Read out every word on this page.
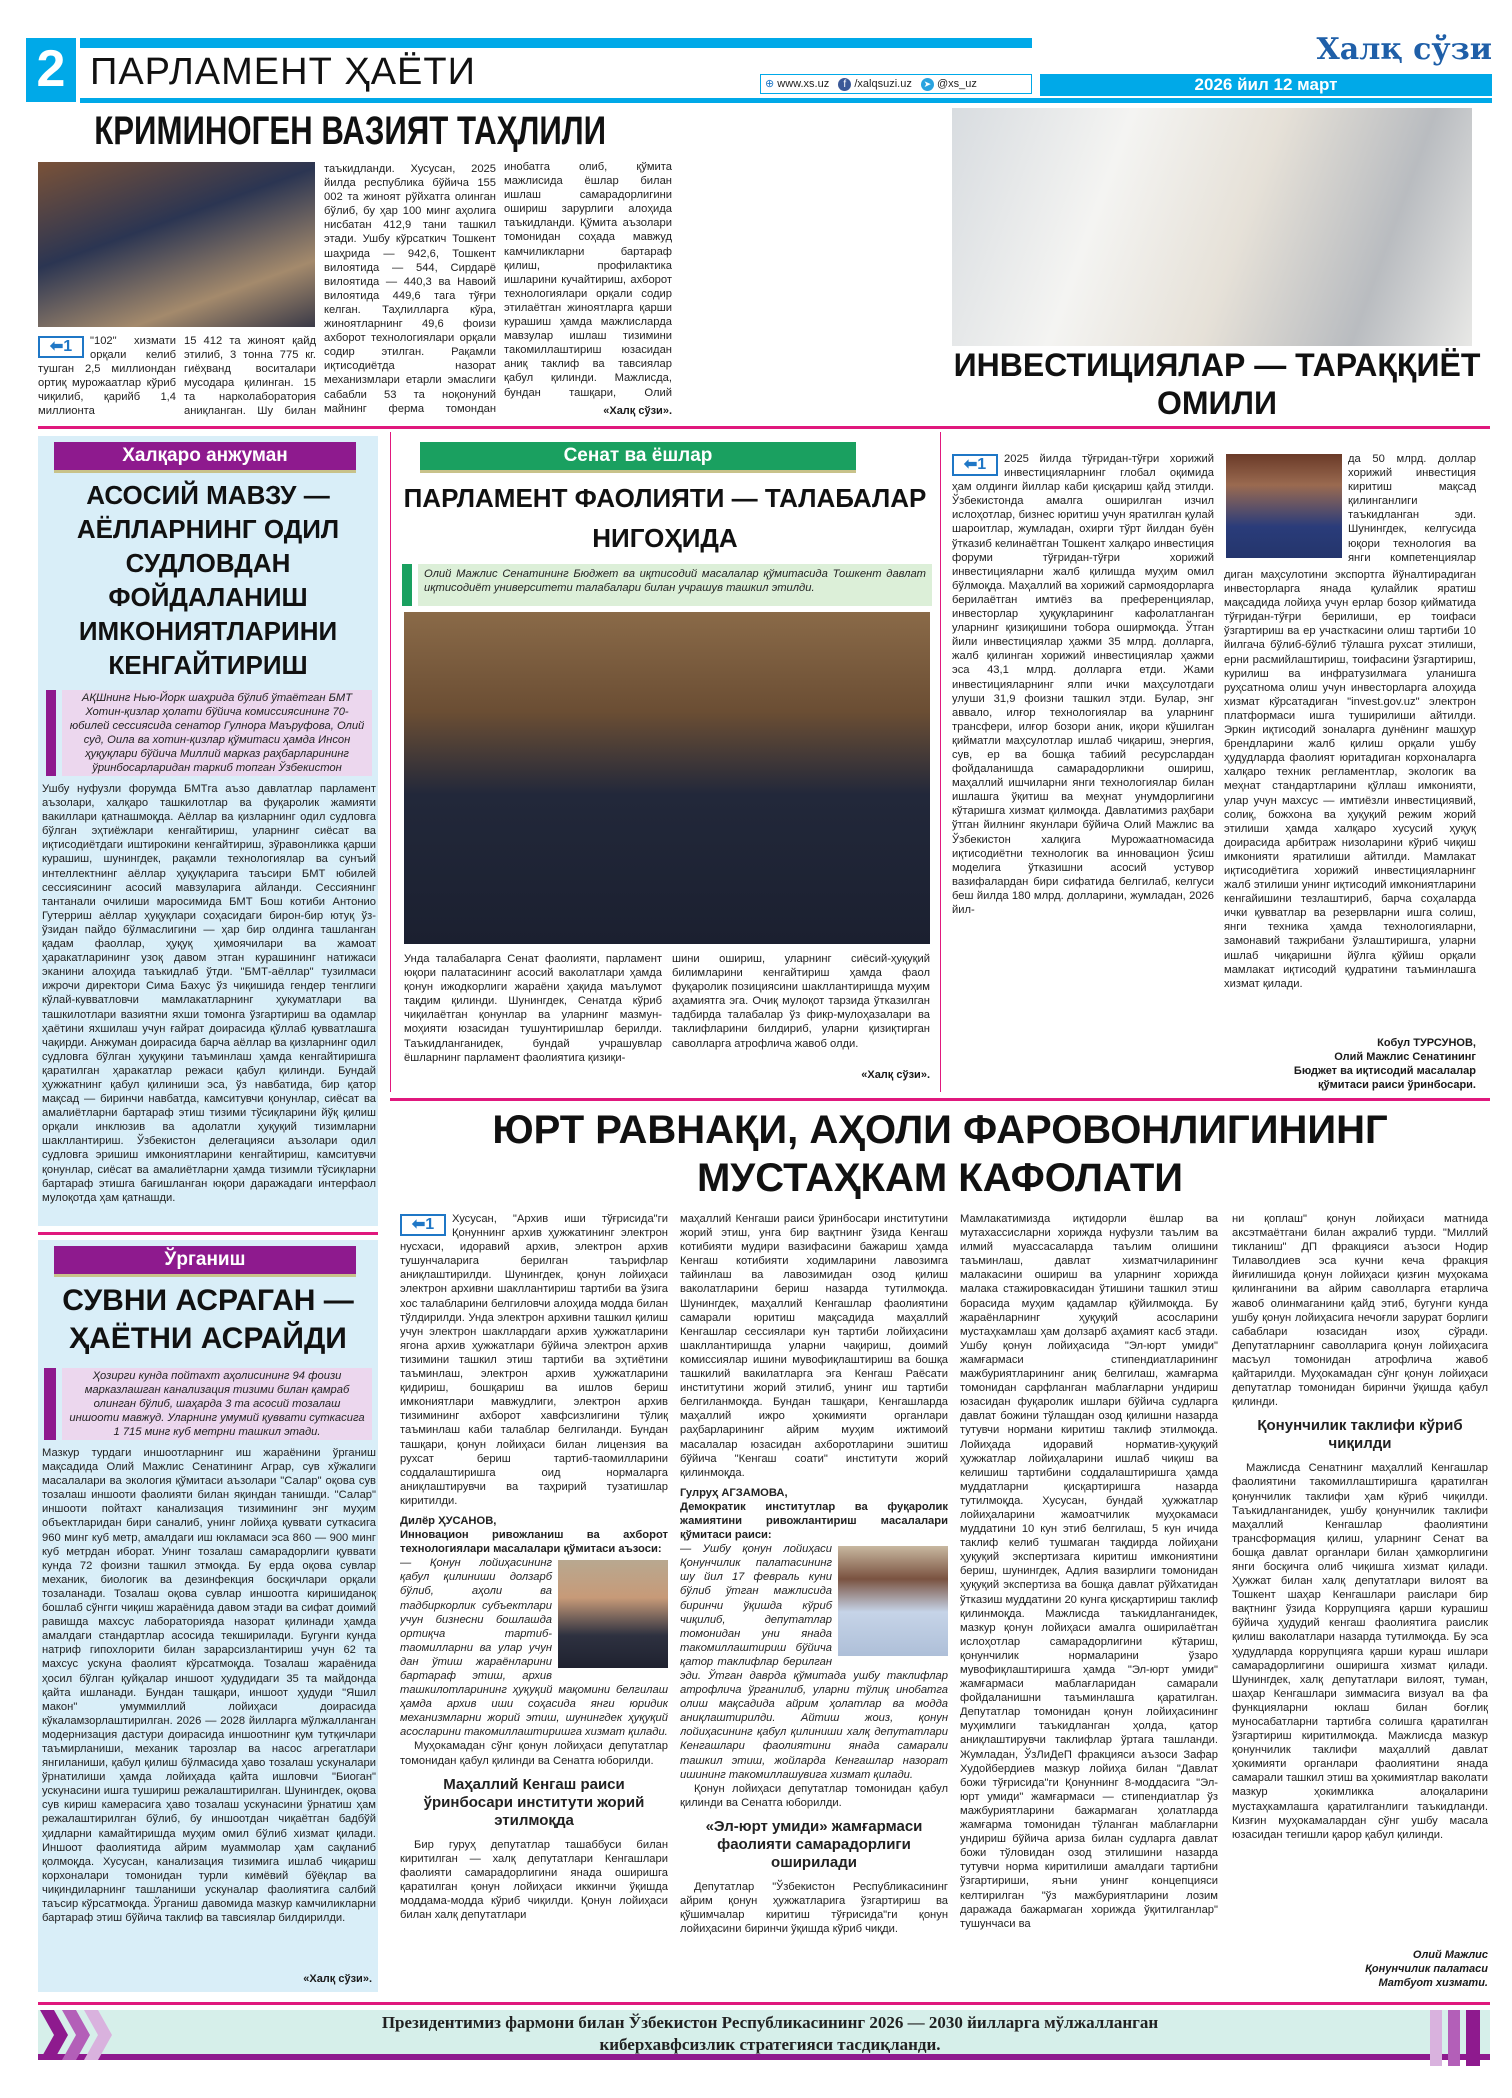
2 ПАРЛАМЕНТ ҲАЁТИ	⊕ www.xs.uz f /xalqsuzi.uz ➤ @xs_uz
Халқ сўзи
2026 йил 12 март
КРИМИНОГЕН ВАЗИЯТ ТАҲЛИЛИ
⬅1	"102" хизмати орқали келиб тушган 2,5 миллиондан ортиқ мурожаатлар кўриб чиқилиб, қарийб 1,4 миллионта
15 412 та жиноят қайд этилиб, 3 тонна 775 кг. гиёҳванд воситалари мусодара қилинган. 15 та нарколаборатория аниқланган. Шу билан
таъкидланди. Хусусан, 2025 йилда республика бўйича 155 002 та жиноят рўйхатга олинган бўлиб, бу ҳар 100 минг аҳолига нисбатан 412,9 тани ташкил этади. Ушбу кўрсаткич Тошкент шаҳрида — 942,6, Тошкент вилоятида — 544, Сирдарё вилоятида — 440,3 ва Навоий вилоятида 449,6 тага тўғри келган. Таҳлилларга кўра, жиноятларнинг 49,6 фоизи ахборот технологиялари орқали содир этилган. Рақамли иқтисодиётда назорат механизмлари етарли эмаслиги сабабли 53 та ноқонуний майнинг ферма томондан
инобатга олиб, қўмита мажлисида ёшлар билан ишлаш самарадорлигини ошириш зарурлиги алоҳида таъкидланди. Қўмита аъзолари томонидан соҳада мавжуд камчиликларни бартараф қилиш, профилактика ишларини кучайтириш, ахборот технологиялари орқали содир этилаётган жиноятларга қарши курашиш ҳамда мажлисларда мавзулар ишлаш тизимини такомиллаштириш юзасидан аниқ таклиф ва тавсиялар қабул қилинди. Мажлисда, бундан ташқари, Олий
«Халқ сўзи».
ИНВЕСТИЦИЯЛАР — ТАРАҚҚИЁТ ОМИЛИ
Халқаро анжуман
АСОСИЙ МАВЗУ — АЁЛЛАРНИНГ ОДИЛ СУДЛОВДАН ФОЙДАЛАНИШ ИМКОНИЯТЛАРИНИ КЕНГАЙТИРИШ
АҚШнинг Нью-Йорк шаҳрида бўлиб ўтаётган БМТ Хотин-қизлар ҳолати бўйича комиссиясининг 70-юбилей сессиясида сенатор Гулнора Маъруфова, Олий суд, Оила ва хотин-қизлар қўмитаси ҳамда Инсон ҳуқуқлари бўйича Миллий марказ раҳбарларининг ўринбосарларидан таркиб топган Ўзбекистон
Ушбу нуфузли форумда БМТга аъзо давлатлар парламент аъзолари, халқаро ташкилотлар ва фуқаролик жамияти вакиллари қатнашмоқда. Аёллар ва қизларнинг одил судловга бўлган эҳтиёжлари кенгайтириш, уларнинг сиёсат ва иқтисодиётдаги иштирокини кенгайтириш, зўравонликка қарши курашиш, шунингдек, рақамли технологиялар ва сунъий интеллектнинг аёллар ҳуқуқларига таъсири БМТ юбилей сессиясининг асосий мавзуларига айланди. Сессиянинг тантанали очилиши маросимида БМТ Бош котиби Антонио Гутерриш аёллар ҳуқуқлари соҳасидаги бирон-бир ютуқ ўз-ўзидан пайдо бўлмаслигини — ҳар бир олдинга ташланган қадам фаоллар, ҳуқуқ ҳимоячилари ва жамоат ҳаракатларининг узоқ давом этган курашининг натижаси эканини алоҳида таъкидлаб ўтди. "БМТ-аёллар" тузилмаси ижрочи директори Сима Бахус ўз чиқишида гендер тенглиги кўлай-кувватловчи мамлакатларнинг ҳукуматлари ва ташкилотлари вазиятни яхши томонга ўзгартириш ва одамлар ҳаётини яхшилаш учун ғайрат доирасида қўллаб қувватлашга чақирди. Анжуман доирасида барча аёллар ва қизларнинг одил судловга бўлган ҳуқуқини таъминлаш ҳамда кенгайтиришга қаратилган ҳаракатлар режаси қабул қилинди. Бундай ҳужжатнинг қабул қилиниши эса, ўз навбатида, бир қатор мақсад — биринчи навбатда, камситувчи қонунлар, сиёсат ва амалиётларни бартараф этиш тизими тўсиқларини йўқ қилиш орқали инклюзив ва адолатли ҳуқуқий тизимларни шакллантириш. Ўзбекистон делегацияси аъзолари одил судловга эришиш имкониятларини кенгайтириш, камситувчи қонунлар, сиёсат ва амалиётларни ҳамда тизимли тўсиқларни бартараф этишга бағишланган юқори даражадаги интерфаол мулоқотда ҳам қатнашди.
Ўрганиш
СУВНИ АСРАГАН — ҲАЁТНИ АСРАЙДИ
Ҳозирги кунда пойтахт аҳолисининг 94 фоизи марказлашган канализация тизими билан қамраб олинган бўлиб, шаҳарда 3 та асосий тозалаш иншооти мавжуд. Уларнинг умумий қуввати суткасига 1 715 минг куб метрни ташкил этади.
Мазкур турдаги иншоотларнинг иш жараёнини ўрганиш мақсадида Олий Мажлис Сенатининг Аграр, сув хўжалиги масалалари ва экология қўмитаси аъзолари "Салар" оқова сув тозалаш иншооти фаолияти билан яқиндан танишди. "Салар" иншооти пойтахт канализация тизимининг энг муҳим объектларидан бири саналиб, унинг лойиҳа қуввати суткасига 960 минг куб метр, амалдаги иш юкламаси эса 860 — 900 минг куб метрдан иборат. Унинг тозалаш самарадорлиги қуввати кунда 72 фоизни ташкил этмоқда. Бу ерда оқова сувлар механик, биологик ва дезинфекция босқичлари орқали тозаланади. Тозалаш оқова сувлар иншоотга киришиданоқ бошлаб сўнгги чиқиш жараёнида давом этади ва сифат доимий равишда махсус лабораторияда назорат қилинади ҳамда амалдаги стандартлар асосида текширилади. Бугунги кунда натриф гипохлорити билан зарарсизлантириш учун 62 та махсус ускуна фаолият кўрсатмоқда. Тозалаш жараёнида ҳосил бўлган қуйқалар иншоот ҳудудидаги 35 та майдонда қайта ишланади. Бундан ташқари, иншоот ҳудуди "Яшил макон" умуммиллий лойиҳаси доирасида кўкаламзорлаштирилган. 2026 — 2028 йилларга мўлжалланган модернизация дастури доирасида иншоотнинг қум тутқичлари таъмирланиши, механик тарозлар ва насос агрегатлари янгиланиши, қабул қилиш бўлмасида ҳаво тозалаш ускуналари ўрнатилиши ҳамда лойиҳада қайта ишловчи "Биоган" ускунасини ишга тушириш режалаштирилган. Шунингдек, оқова сув кириш камерасига ҳаво тозалаш ускунасини ўрнатиш ҳам режалаштирилган бўлиб, бу иншоотдан чиқаётган бадбўй ҳидларни камайтиришда муҳим омил бўлиб хизмат қилади. Иншоот фаолиятида айрим муаммолар ҳам сақланиб қолмоқда. Хусусан, канализация тизимига ишлаб чиқариш корхоналари томонидан турли кимёвий бўёқлар ва чиқиндиларнинг ташланиши ускуналар фаолиятига салбий таъсир кўрсатмоқда. Ўрганиш давомида мазкур камчиликларни бартараф этиш бўйича таклиф ва тавсиялар билдирилди.
«Халқ сўзи».
Сенат ва ёшлар
ПАРЛАМЕНТ ФАОЛИЯТИ — ТАЛАБАЛАР НИГОҲИДА
Олий Мажлис Сенатининг Бюджет ва иқтисодий масалалар қўмитасида Тошкент давлат иқтисодиёт университети талабалари билан учрашув ташкил этилди.
Унда талабаларга Сенат фаолияти, парламент юқори палатасининг асосий ваколатлари ҳамда қонун ижодкорлиги жараёни ҳақида маълумот тақдим қилинди. Шунингдек, Сенатда кўриб чиқилаётган қонунлар ва уларнинг мазмун-моҳияти юзасидан тушунтиришлар берилди. Таъкидланганидек, бундай учрашувлар ёшларнинг парламент фаолиятига қизиқи-
шини ошириш, уларнинг сиёсий-ҳуқуқий билимларини кенгайтириш ҳамда фаол фуқаролик позициясини шакллантиришда муҳим аҳамиятга эга. Очиқ мулоқот тарзида ўтказилган тадбирда талабалар ўз фикр-мулоҳазалари ва таклифларини билдириб, уларни қизиқтирган саволларга атрофлича жавоб олди.
«Халқ сўзи».
⬅1	2025 йилда тўғридан-тўғри хорижий инвестицияларнинг глобал оқимида ҳам олдинги йиллар каби қисқариш қайд этилди. Ўзбекистонда амалга оширилган изчил ислоҳотлар, бизнес юритиш учун яратилган қулай шароитлар, жумладан, охирги тўрт йилдан буён ўтказиб келинаётган Тошкент халқаро инвестиция форуми тўғридан-тўғри хорижий инвестицияларни жалб қилишда муҳим омил бўлмоқда. Маҳаллий ва хорижий сармоядорларга берилаётган имтиёз ва преференциялар, инвесторлар ҳуқуқларининг кафолатланган уларнинг қизиқишини тобора оширмоқда. Ўтган йили инвестициялар ҳажми 35 млрд. долларга, жалб қилинган хорижий инвестициялар ҳажми эса 43,1 млрд. долларга етди. Жами инвестицияларнинг ялпи ички маҳсулотдаги улуши 31,9 фоизни ташкил этди. Булар, энг аввало, илғор технологиялар ва уларнинг трансфери, илғор бозори аник, иқори кўшилган қийматли маҳсулотлар ишлаб чиқариш, энергия, сув, ер ва бошқа табиий ресурслардан фойдаланишда самарадорликни ошириш, маҳаллий ишчиларни янги технологиялар билан ишлашга ўқитиш ва меҳнат унумдорлигини кўтаришга хизмат қилмоқда. Давлатимиз раҳбари ўтган йилнинг якунлари бўйича Олий Мажлис ва Ўзбекистон халқига Мурожаатномасида иқтисодиётни технологик ва инновацион ўсиш моделига ўтказишни асосий устувор вазифалардан бири сифатида белгилаб, келгуси беш йилда 180 млрд. долларини, жумладан, 2026 йил-
да 50 млрд. доллар хорижий инвестиция киритиш мақсад қилинганлиги таъкидланган эди. Шунингдек, келгусида юқори технология ва янги компетенциялар
диган маҳсулотини экспортга йўналтирадиган инвесторларга янада қулайлик яратиш мақсадида лойиҳа учун ерлар бозор қийматида тўғридан-тўғри берилиши, ер тоифаси ўзгартириш ва ер участкасини олиш тартиби 10 йилгача бўлиб-бўлиб тўлашга рухсат этилиши, ерни расмийлаштириш, тоифасини ўзгартириш, курилиш ва инфратузилмага уланишга руҳсатнома олиш учун инвесторларга алоҳида хизмат кўрсатадиган "invest.gov.uz" электрон платформаси ишга туширилиши айтилди. Эркин иқтисодий зоналарга дунёнинг машҳур брендларини жалб қилиш орқали ушбу ҳудудларда фаолият юритадиган корхоналарга халқаро техник регламентлар, экологик ва меҳнат стандартларини қўллаш имконияти, улар учун махсус — имтиёзли инвестициявий, солиқ, божхона ва ҳуқуқий режим жорий этилиши ҳамда халқаро хусусий ҳуқуқ доирасида арбитраж низоларини кўриб чиқиш имконияти яратилиши айтилди. Мамлакат иқтисодиётига хорижий инвестицияларнинг жалб этилиши унинг иқтисодий имкониятларини кенгайишини тезлаштириб, барча соҳаларда ички қувватлар ва резервларни ишга солиш, янги техника ҳамда технологияларни, замонавий тажрибани ўзлаштиришга, уларни ишлаб чиқаришни йўлга қўйиш орқали мамлакат иқтисодий қудратини таъминлашга хизмат қилади.
Кобул ТУРСУНОВ,
Олий Мажлис Сенатининг
Бюджет ва иқтисодий масалалар
қўмитаси раиси ўринбосари.
ЮРТ РАВНАҚИ, АҲОЛИ ФАРОВОНЛИГИНИНГ МУСТАҲКАМ КАФОЛАТИ
⬅1	Хусусан, "Архив иши тўғрисида"ги Қонуннинг архив ҳужжатининг электрон нусхаси, идоравий архив, электрон архив тушунчаларига берилган таърифлар аниқлаштирилди. Шунингдек, қонун лойиҳаси электрон архивни шакллантириш тартиби ва ўзига хос талабларини белгиловчи алоҳида модда билан тўлдирилди. Унда электрон архивни ташкил қилиш учун электрон шакллардаги архив ҳужжатларини ягона архив ҳужжатлари бўйича электрон архив тизимини ташкил этиш тартиби ва эҳтиётини таъминлаш, электрон архив ҳужжатларини қидириш, бошқариш ва ишлов бериш имкониятлари мавжудлиги, электрон архив тизимининг ахборот хавфсизлигини тўлиқ таъминлаш каби талаблар белгиланди. Бундан ташқари, қонун лойиҳаси билан лицензия ва рухсат бериш тартиб-таомилларини соддалаштиришга оид нормаларга аниқлаштирувчи ва таҳририй тузатишлар киритилди.
Дилёр ҲУСАНОВ,
Инновацион ривожланиш ва ахборот технологиялари масалалари қўмитаси аъзоси:
— Қонун лойиҳасининг қабул қилиниши долзарб бўлиб, аҳоли ва тадбиркорлик субъектлари учун бизнесни бошлашда ортиқча тартиб-таомилларни ва улар учун дан ўтиш жараёнларини бартараф этиш, архив ташкилотларининг ҳуқуқий мақомини белгилаш ҳамда архив иши соҳасида янги юридик механизмларни жорий этиш, шунингдек ҳуқуқий асосларини такомиллаштиришга хизмат қилади.

Муҳокамадан сўнг қонун лойиҳаси депутатлар томонидан қабул қилинди ва Сенатга юборилди.

Маҳаллий Кенгаш раиси ўринбосари институти жорий этилмоқда

Бир гуруҳ депутатлар ташаббуси билан киритилган — халқ депутатлари Кенгашлари фаолияти самарадорлигини янада оширишга қаратилган қонун лойиҳаси иккинчи ўқишда моддама-модда кўриб чиқилди. Қонун лойиҳаси билан халқ депутатлари

маҳаллий Кенгаши раиси ўринбосари институтини жорий этиш, унга бир вақтнинг ўзида Кенгаш котибияти мудири вазифасини бажариш ҳамда Кенгаш котибияти ходимларини лавозимга тайинлаш ва лавозимидан озод қилиш ваколатларини бериш назарда тутилмоқда. Шунингдек, маҳаллий Кенгашлар фаолиятини самарали юритиш мақсадида маҳаллий Кенгашлар сессиялари кун тартиби лойиҳасини шакллантиришда уларни чақириш, доимий комиссиялар ишини мувофиқлаштириш ва бошқа ташкилий вакилатларга эга Кенгаш Раёсати институтини жорий этилиб, унинг иш тартиби белгиланмоқда. Бундан ташқари, Кенгашларда маҳаллий ижро ҳокимияти органлари раҳбарларининг айрим муҳим ижтимоий масалалар юзасидан ахборотларини эшитиш бўйича "Кенгаш соати" институти жорий қилинмоқда.
Гулруҳ АГЗАМОВА,
Демократик институтлар ва фуқаролик жамиятини ривожлантириш масалалари қўмитаси раиси:
— Ушбу қонун лойиҳаси Қонунчилик палатасининг шу йил 17 февраль куни бўлиб ўтган мажлисида биринчи ўқишда кўриб чиқилиб, депутатлар томонидан уни янада такомиллаштириш бўйича қатор таклифлар берилган эди. Ўтган даврда қўмитада ушбу таклифлар атрофлича ўрганилиб, уларни тўлиқ инобатга олиш мақсадида айрим ҳолатлар ва модда аниқлаштирилди. Айтиш жоиз, қонун лойиҳасининг қабул қилиниши халқ депутатлари Кенгашлари фаолиятини янада самарали ташкил этиш, жойларда Кенгашлар назорат ишининг такомиллашувига хизмат қилади.

Қонун лойиҳаси депутатлар томонидан қабул қилинди ва Сенатга юборилди.

«Эл-юрт умиди» жамғармаси фаолияти самарадорлиги оширилади

Депутатлар "Ўзбекистон Республикасининг айрим қонун ҳужжатларига ўзгартириш ва қўшимчалар киритиш тўғрисида"ги қонун лойиҳасини биринчи ўқишда кўриб чиқди.

Мамлакатимизда иқтидорли ёшлар ва мутахассисларни хорижда нуфузли таълим ва илмий муассасаларда таълим олишини таъминлаш, давлат хизматчиларининг малакасини ошириш ва уларнинг хорижда малака стажировкасидан ўтишини ташкил этиш борасида муҳим қадамлар қўйилмоқда. Бу жараёнларнинг ҳуқуқий асосларини мустаҳкамлаш ҳам долзарб аҳамият касб этади. Ушбу қонун лойиҳасида "Эл-юрт умиди" жамғармаси стипендиатларининг мажбуриятларининг аниқ белгилаш, жамғарма томонидан сарфланган маблағларни ундириш юзасидан фуқаролик ишлари бўйича судларга давлат божини тўлашдан озод қилишни назарда тутувчи нормани киритиш таклиф этилмоқда. Лойиҳада идоравий норматив-ҳуқуқий ҳужжатлар лойиҳаларини ишлаб чиқиш ва келишиш тартибини соддалаштиришга ҳамда муддатларни қисқартиришга назарда тутилмоқда. Хусусан, бундай ҳужжатлар лойиҳаларини жамоатчилик муҳокамаси муддатини 10 кун этиб белгилаш, 5 кун ичида таклиф келиб тушмаган тақдирда лойиҳани ҳуқуқий экспертизага киритиш имкониятини бериш, шунингдек, Адлия вазирлиги томонидан ҳуқуқий экспертиза ва бошқа давлат рўйхатидан ўтказиш муддатини 20 кунга қисқартириш таклиф қилинмоқда. Мажлисда таъкидланганидек, мазкур қонун лойиҳаси амалга оширилаётган ислоҳотлар самарадорлигини кўтариш, қонунчилик нормаларини ўзаро мувофиқлаштиришга ҳамда "Эл-юрт умиди" жамғармаси маблағларидан самарали фойдаланишни таъминлашга қаратилган. Депутатлар томонидан қонун лойиҳасининг муҳимлиги таъкидланган ҳолда, қатор аниқлаштирувчи таклифлар ўртага ташланди. Жумладан, ЎзЛиДеП фракцияси аъзоси Зафар Худойбердиев мазкур лойиҳа билан "Давлат божи тўғрисида"ги Қонуннинг 8-моддасига "Эл-юрт умиди" жамғармаси — стипендиатлар ўз мажбуриятларини бажармаган ҳолатларда жамғарма томонидан тўланган маблағларни ундириш бўйича ариза билан судларга давлат божи тўловидан озод этилишини назарда тутувчи норма киритилиши амалдаги тартибни ўзгартириши, яъни унинг концепцияси келтирилган "ўз мажбуриятларини лозим даражада бажармаган хорижда ўқитилганлар" тушунчаси ва
ни қоплаш" қонун лойиҳаси матнида аксэтмаётгани билан ажралиб турди. "Миллий тикланиш" ДП фракцияси аъзоси Нодир Тилаволдиев эса кучни кеча фракция йиғилишида қонун лойиҳаси қизғин муҳокама қилинганини ва айрим саволларга етарлича жавоб олинмаганини қайд этиб, бугунги кунда ушбу қонун лойиҳасига нечоғли зарурат борлиги сабаблари юзасидан изоҳ сўради. Депутатларнинг саволларига қонун лойиҳасига масъул томонидан атрофлича жавоб қайтарилди. Муҳокамадан сўнг қонун лойиҳаси депутатлар томонидан биринчи ўқишда қабул қилинди.
Қонунчилик таклифи кўриб чиқилди

Мажлисда Сенатнинг маҳаллий Кенгашлар фаолиятини такомиллаштиришга қаратилган қонунчилик таклифи ҳам кўриб чиқилди. Таъкидланганидек, ушбу қонунчилик таклифи маҳаллий Кенгашлар фаолиятини трансформация қилиш, уларнинг Сенат ва бошқа давлат органлари билан ҳамкорлигини янги босқичга олиб чиқишга хизмат қилади. Ҳужжат билан халқ депутатлари вилоят ва Тошкент шаҳар Кенгашлари раислари бир вақтнинг ўзида Коррупцияга қарши курашиш бўйича ҳудудий кенгаш фаолиятига раислик қилиш ваколатлари назарда тутилмоқда. Бу эса ҳудудларда коррупцияга қарши кураш ишлари самарадорлигини оширишга хизмат қилади. Шунингдек, халқ депутатлари вилоят, туман, шаҳар Кенгашлари зиммасига визуал ва фа функцияларни юклаш билан боғлиқ муносабатларни тартибга солишга қаратилган ўзгартириш киритилмоқда. Мажлисда мазкур қонунчилик таклифи маҳаллий давлат ҳокимияти органлари фаолиятини янада самарали ташкил этиш ва ҳокимиятлар ваколати мазкур ҳокимликка алоқаларини мустаҳкамлашга қаратилганлиги таъкидланди. Кизғин муҳокамалардан сўнг ушбу масала юзасидан тегишли қарор қабул қилинди.

Олий Мажлис
Қонунчилик палатаси
Матбуот хизмати.
Президентимиз фармони билан Ўзбекистон Республикасининг 2026 — 2030 йилларга мўлжалланган
киберхавфсизлик стратегияси тасдиқланди.
